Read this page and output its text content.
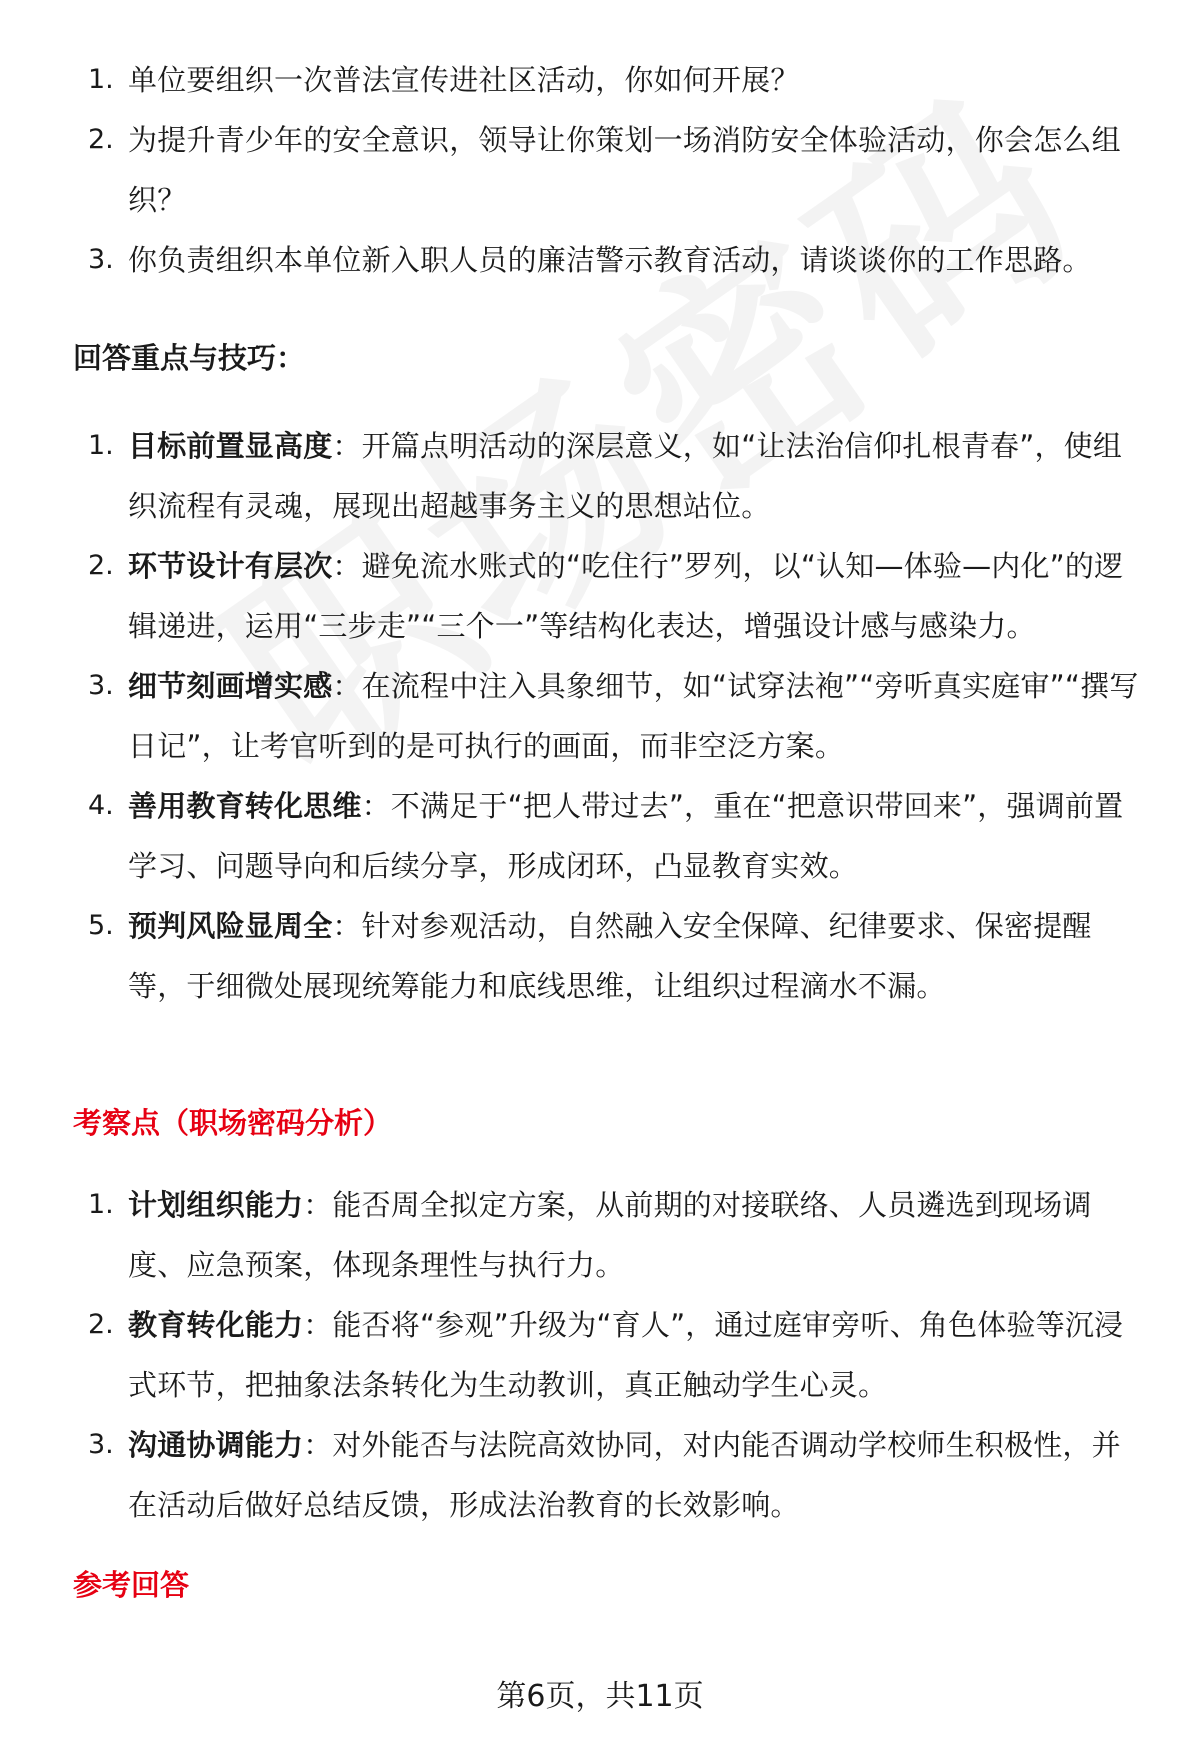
1. 单位要组织一次普法宣传进社区活动，你如何开展？
2. 为提升青少年的安全意识，领导让你策划一场消防安全体验活动，你会怎么组织？
3. 你负责组织本单位新入职人员的廉洁警示教育活动，请谈谈你的工作思路。
回答重点与技巧：
1. 目标前置显高度：开篇点明活动的深层意义，如“让法治信仰扎根青春”，使组织流程有灵魂，展现出超越事务主义的思想站位。
2. 环节设计有层次：避免流水账式的“吃住行”罗列，以“认知—体验—内化”的逻辑递进，运用“三步走”“三个一”等结构化表达，增强设计感与感染力。
3. 细节刻画增实感：在流程中注入具象细节，如“试穿法袍”“旁听真实庭审”“撰写日记”，让考官听到的是可执行的画面，而非空泛方案。
4. 善用教育转化思维：不满足于“把人带过去”，重在“把意识带回来”，强调前置学习、问题导向和后续分享，形成闭环，凸显教育实效。
5. 预判风险显周全：针对参观活动，自然融入安全保障、纪律要求、保密提醒等，于细微处展现统筹能力和底线思维，让组织过程滴水不漏。
考察点（职场密码分析）
1. 计划组织能力：能否周全拟定方案，从前期的对接联络、人员遴选到现场调度、应急预案，体现条理性与执行力。
2. 教育转化能力：能否将“参观”升级为“育人”，通过庭审旁听、角色体验等沉浸式环节，把抽象法条转化为生动教训，真正触动学生心灵。
3. 沟通协调能力：对外能否与法院高效协同，对内能否调动学校师生积极性，并在活动后做好总结反馈，形成法治教育的长效影响。
参考回答
第6页，共11页
